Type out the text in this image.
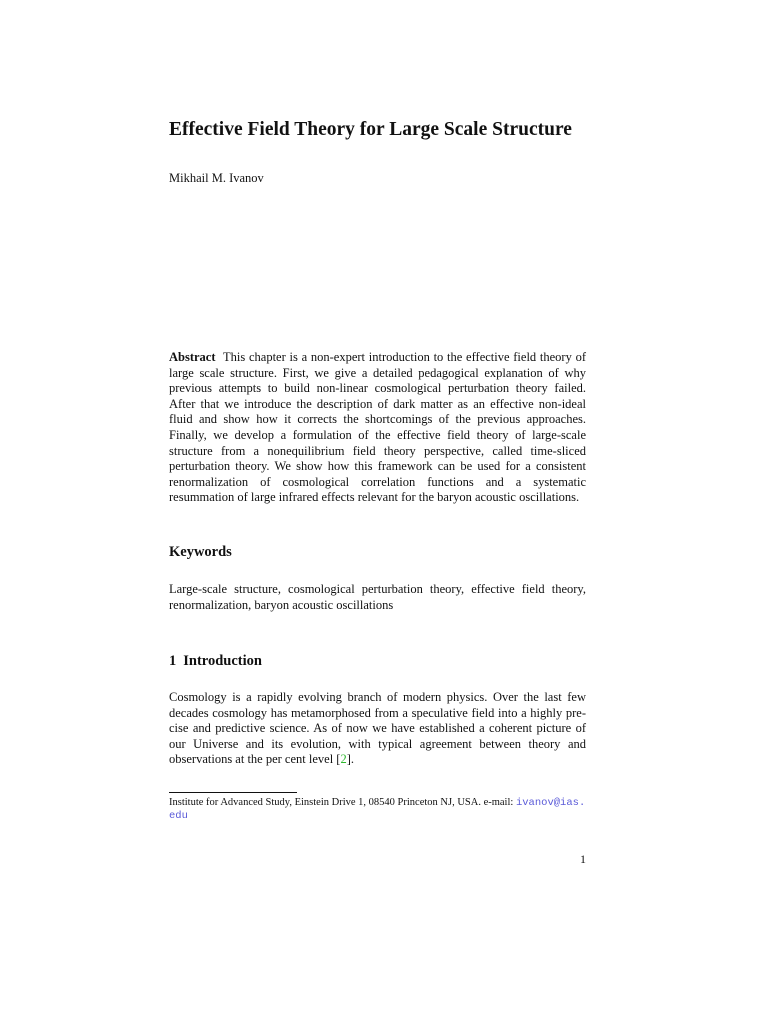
Effective Field Theory for Large Scale Structure
Mikhail M. Ivanov

Abstract This chapter is a non-expert introduction to the effective field theory of large scale structure. First, we give a detailed pedagogical explanation of why previous attempts to build non-linear cosmological perturbation theory failed. After that we introduce the description of dark matter as an effective non-ideal fluid and show how it corrects the shortcomings of the previous approaches. Finally, we develop a formulation of the effective field theory of large-scale structure from a nonequilibrium field theory perspective, called time-sliced perturbation theory. We show how this framework can be used for a consistent renormalization of cosmological correlation functions and a systematic resummation of large infrared effects relevant for the baryon acoustic oscillations.

Keywords

Large-scale structure, cosmological perturbation theory, effective field theory, renormalization, baryon acoustic oscillations

1 Introduction

Cosmology is a rapidly evolving branch of modern physics. Over the last few decades cosmology has metamorphosed from a speculative field into a highly precise and predictive science. As of now we have established a coherent picture of our Universe and its evolution, with typical agreement between theory and observations at the per cent level [2].

Institute for Advanced Study, Einstein Drive 1, 08540 Princeton NJ, USA. e-mail: ivanov@ias.
edu

1
